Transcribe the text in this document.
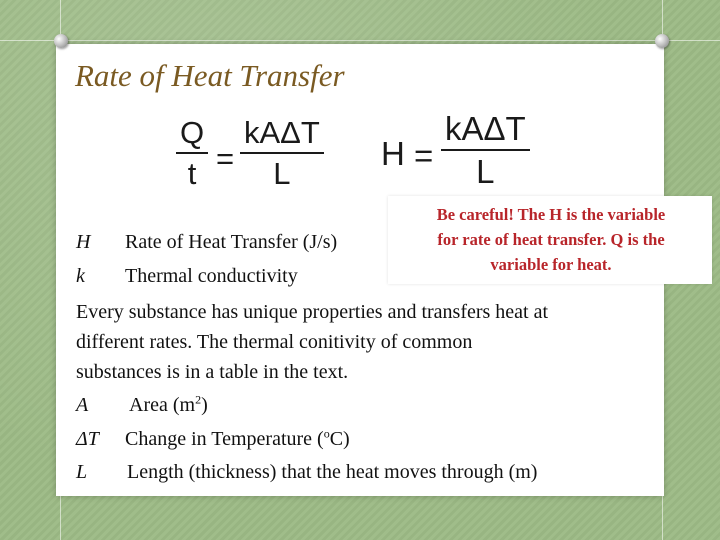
Rate of Heat Transfer
Q
t =
kAΔT
L
H =
kAΔT
L
H Rate of Heat Transfer (J/s)
k Thermal conductivity
Be careful! The H is the variable
for rate of heat transfer. Q is the
variable for heat.
Every substance has unique properties and transfers heat at
different rates. The thermal conitivity of common
substances is in a table in the text.
A Area $(m^2)$
ΔT Change in Temperature ($^o$C)
L Length (thickness) that the heat moves through (m)
